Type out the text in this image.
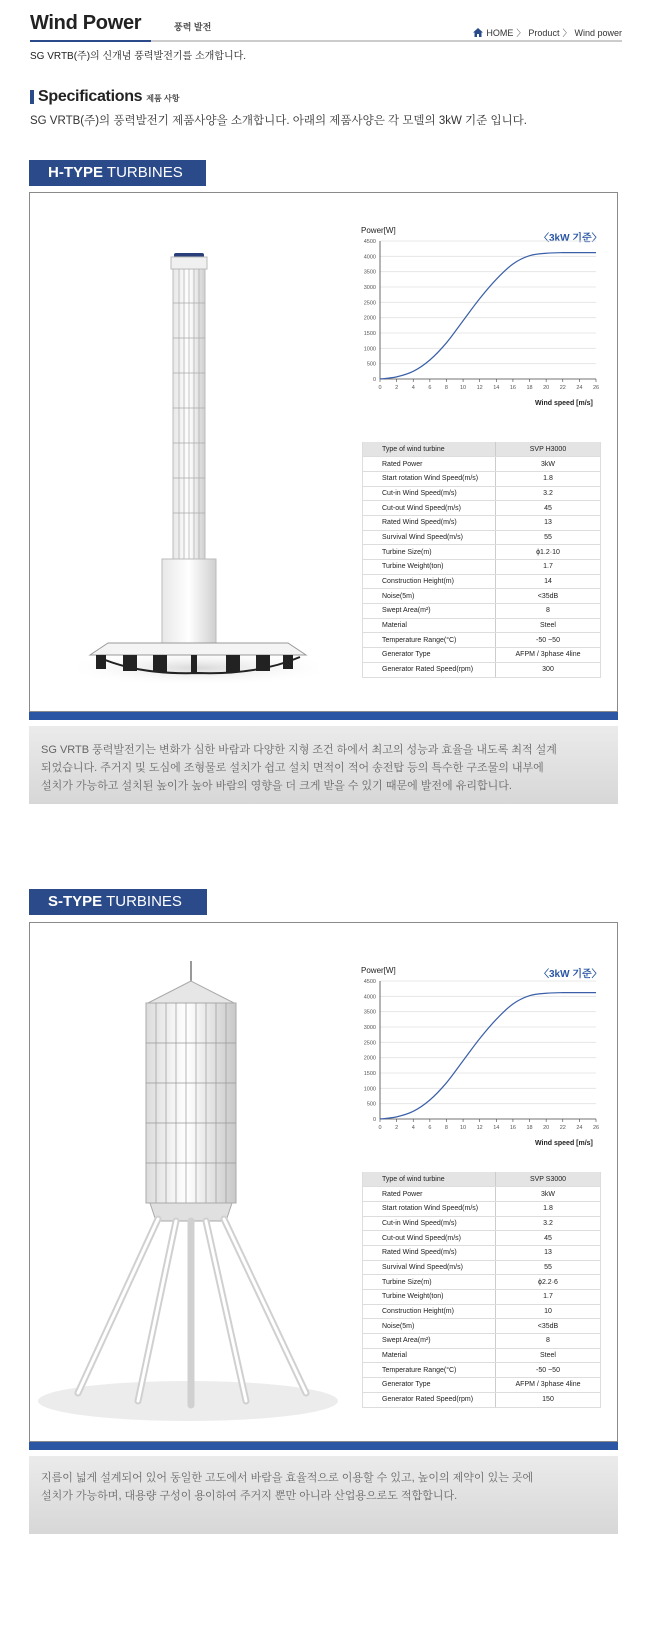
Wind Power	풍력 발전
HOME 〉 Product 〉 Wind power
SG VRTB(주)의 신개념 풍력발전기를 소개합니다.
Specifications 제품 사항
SG VRTB(주)의 풍력발전기 제품사양을 소개합니다. 아래의 제품사양은 각 모델의 3kW 기준 입니다.
H-TYPE TURBINES
Power[W]
〈3kW 기준〉
0
500
1000
1500
2000
2500
3000
3500
4000
4500
0 2 4 6 8 10 12 14 16 18 20 22 24 26
Wind speed [m/s]
Type of wind turbine	SVP H3000
Rated Power	3kW
Start rotation Wind Speed(m/s)	1.8
Cut-in Wind Speed(m/s)	3.2
Cut-out Wind Speed(m/s)	45
Rated Wind Speed(m/s)	13
Survival Wind Speed(m/s)	55
Turbine Size(m)	ϕ1.2·10
Turbine Weight(ton)	1.7
Construction Height(m)	14
Noise(5m)	<35dB
Swept Area(m²)	8
Material	Steel
Temperature Range(°C)	-50 ~50
Generator Type	AFPM / 3phase 4line
Generator Rated Speed(rpm)	300
SG VRTB 풍력발전기는 변화가 심한 바람과 다양한 지형 조건 하에서 최고의 성능과 효율을 내도록 최적 설계
되었습니다. 주거지 및 도심에 조형물로 설치가 쉽고 설치 면적이 적어 송전탑 등의 특수한 구조물의 내부에
설치가 가능하고 설치된 높이가 높아 바람의 영향을 더 크게 받을 수 있기 때문에 발전에 유리합니다.
S-TYPE TURBINES
Power[W]	〈3kW 기준〉
0
500
1000
1500
2000
2500
3000
3500
4000
4500
0 2 4 6 8 10 12 14 16 18 20 22 24 26
Wind speed [m/s]
Type of wind turbine	SVP S3000
Rated Power	3kW
Start rotation Wind Speed(m/s)	1.8
Cut-in Wind Speed(m/s)	3.2
Cut-out Wind Speed(m/s)	45
Rated Wind Speed(m/s)	13
Survival Wind Speed(m/s)	55
Turbine Size(m)	ϕ2.2·6
Turbine Weight(ton)	1.7
Construction Height(m)	10
Noise(5m)	<35dB
Swept Area(m²)	8
Material	Steel
Temperature Range(°C)	-50 ~50
Generator Type	AFPM / 3phase 4line
Generator Rated Speed(rpm)	150
지름이 넓게 설계되어 있어 동일한 고도에서 바람을 효율적으로 이용할 수 있고, 높이의 제약이 있는 곳에
설치가 가능하며, 대용량 구성이 용이하여 주거지 뿐만 아니라 산업용으로도 적합합니다.
